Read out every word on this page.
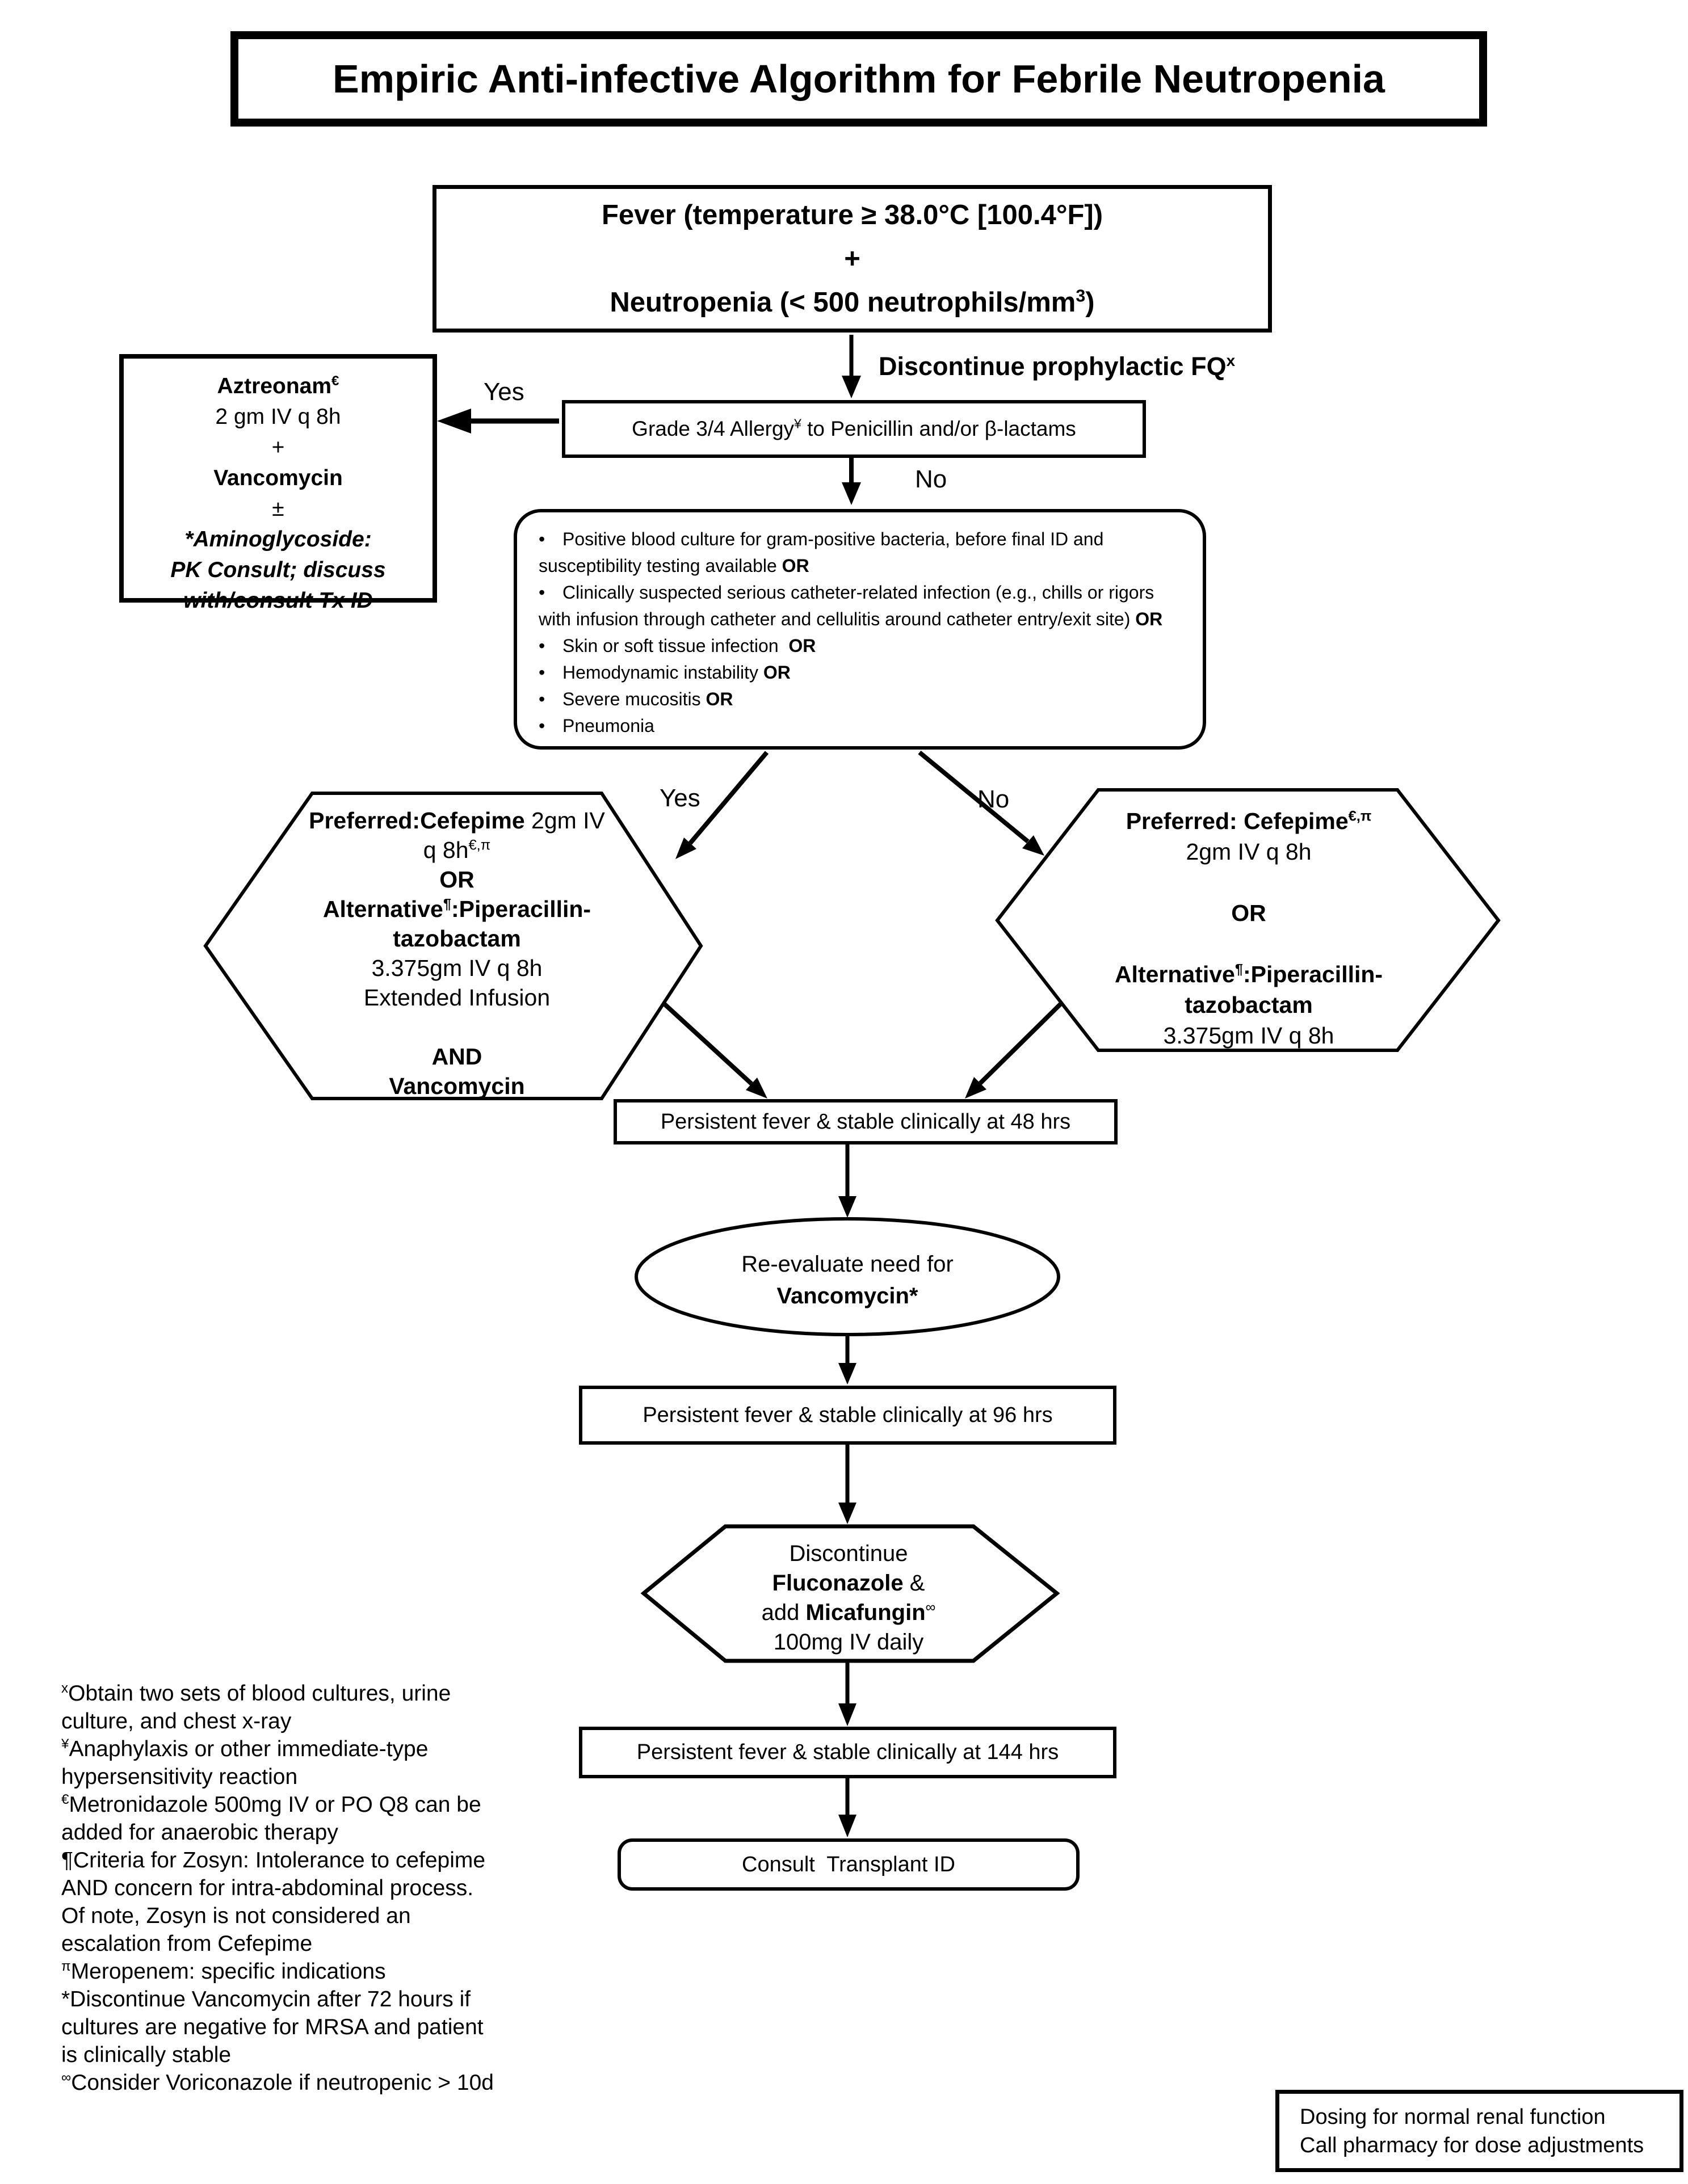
Empiric Anti-infective Algorithm for Febrile Neutropenia
Fever (temperature ≥ 38.0°C [100.4°F])
+
Neutropenia (< 500 neutrophils/$mm^3$)
Discontinue prophylactic $FQ^x$
Yes
Grade 3/4 Allergy¥ to Penicillin and/or β-lactams
No
Aztreonam€
2 gm IV q 8h
+
Vancomycin
±
*Aminoglycoside:
PK Consult; discuss
with/consult Tx ID
• Positive blood culture for gram-positive bacteria, before final ID and
susceptibility testing available OR
• Clinically suspected serious catheter-related infection (e.g., chills or rigors
with infusion through catheter and cellulitis around catheter entry/exit site) OR
• Skin or soft tissue infection  OR
• Hemodynamic instability OR
• Severe mucositis OR
• Pneumonia
Yes	No
Preferred:Cefepime 2gm IV
q $8h^{€,\pi}$
OR
Alternative¶:Piperacillin-
tazobactam
3.375gm IV q 8h
Extended Infusion

AND
Vancomycin
Preferred: Cefepime$^{€,\pi}$
2gm IV q 8h

OR

Alternative¶:Piperacillin-
tazobactam
3.375gm IV q 8h
Persistent fever & stable clinically at 48 hrs
Re-evaluate need for
Vancomycin*
Persistent fever & stable clinically at 96 hrs
Discontinue
Fluconazole &
add Micafungin∞
100mg IV daily
Persistent fever & stable clinically at 144 hrs
Consult  Transplant ID
$^x$Obtain two sets of blood cultures, urine
culture, and chest x-ray
¥Anaphylaxis or other immediate-type
hypersensitivity reaction
€Metronidazole 500mg IV or PO Q8 can be
added for anaerobic therapy
¶Criteria for Zosyn: Intolerance to cefepime
AND concern for intra-abdominal process.
Of note, Zosyn is not considered an
escalation from Cefepime
$^\pi$Meropenem: specific indications
*Discontinue Vancomycin after 72 hours if
cultures are negative for MRSA and patient
is clinically stable
∞Consider Voriconazole if neutropenic > 10d
Dosing for normal renal function
Call pharmacy for dose adjustments
